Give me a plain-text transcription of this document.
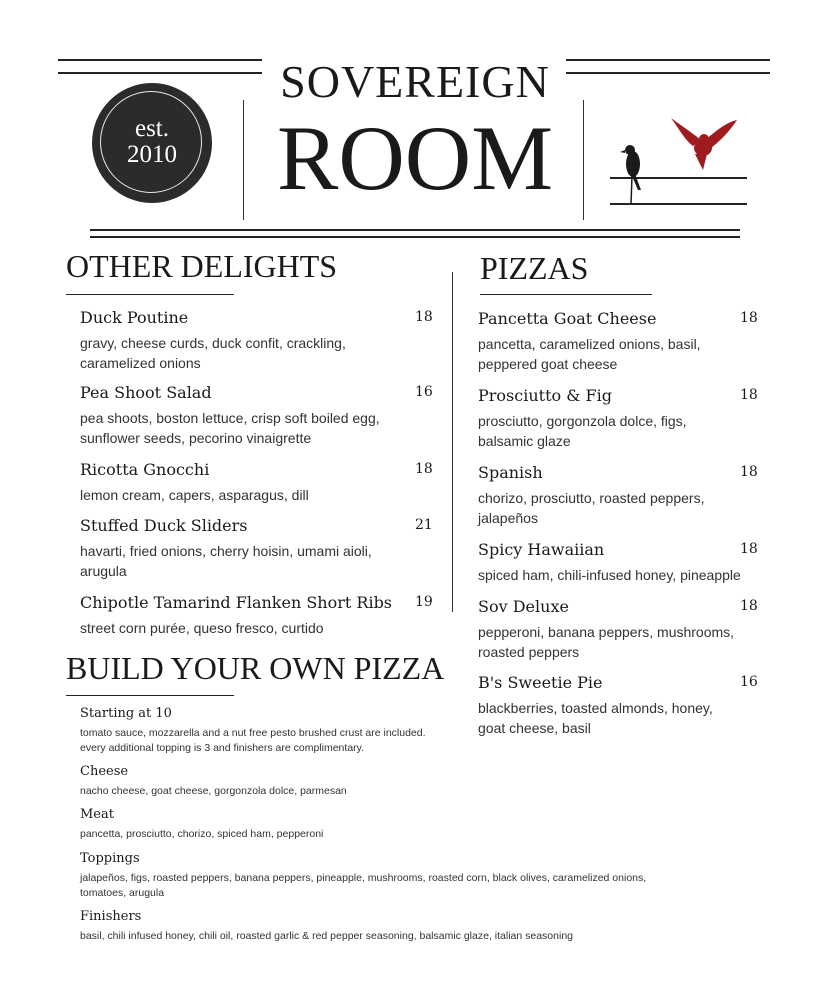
SOVEREIGN
ROOM
est.
2010
OTHER DELIGHTS
Duck Poutine	18
gravy, cheese curds, duck confit, crackling,
caramelized onions
Pea Shoot Salad	16
pea shoots, boston lettuce, crisp soft boiled egg,
sunflower seeds, pecorino vinaigrette
Ricotta Gnocchi	18
lemon cream, capers, asparagus, dill
Stuffed Duck Sliders	21
havarti, fried onions, cherry hoisin, umami aioli,
arugula
Chipotle Tamarind Flanken Short Ribs 19
street corn purée, queso fresco, curtido
PIZZAS
Pancetta Goat Cheese	18
pancetta, caramelized onions, basil,
peppered goat cheese
Prosciutto & Fig	18
prosciutto, gorgonzola dolce, figs,
balsamic glaze
Spanish	18
chorizo, prosciutto, roasted peppers,
jalapeños
Spicy Hawaiian	18
spiced ham, chili-infused honey, pineapple
Sov Deluxe	18
pepperoni, banana peppers, mushrooms,
roasted peppers
B's Sweetie Pie	16
blackberries, toasted almonds, honey,
goat cheese, basil
BUILD YOUR OWN PIZZA
Starting at 10
tomato sauce, mozzarella and a nut free pesto brushed crust are included.
every additional topping is 3 and finishers are complimentary.
Cheese
nacho cheese, goat cheese, gorgonzola dolce, parmesan
Meat
pancetta, prosciutto, chorizo, spiced ham, pepperoni
Toppings
jalapeños, figs, roasted peppers, banana peppers, pineapple, mushrooms, roasted corn, black olives, caramelized onions,
tomatoes, arugula
Finishers
basil, chili infused honey, chili oil, roasted garlic & red pepper seasoning, balsamic glaze, italian seasoning
